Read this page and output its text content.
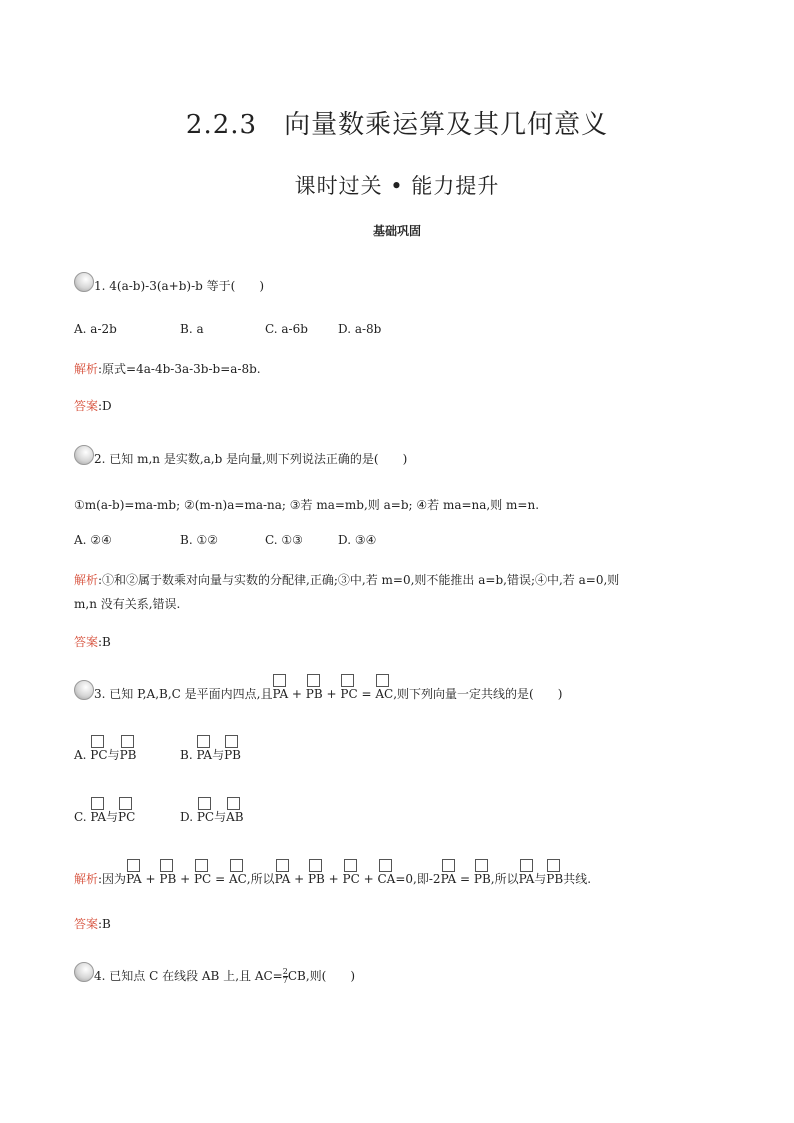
2.2.3　向量数乘运算及其几何意义
课时过关 • 能力提升
基础巩固
1. 4(a-b)-3(a+b)-b 等于(　　)
A. a-2b	B. a	C. a-6b	D. a-8b
解析:原式=4a-4b-3a-3b-b=a-8b.
答案:D
2. 已知 m,n 是实数,a,b 是向量,则下列说法正确的是(　　)
①m(a-b)=ma-mb; ②(m-n)a=ma-na; ③若 ma=mb,则 a=b; ④若 ma=na,则 m=n.
A. ②④	B. ①②	C. ①③	D. ③④
解析:①和②属于数乘对向量与实数的分配律,正确;③中,若 m=0,则不能推出 a=b,错误;④中,若 a=0,则
m,n 没有关系,错误.
答案:B
3. 已知 P,A,B,C 是平面内四点,且PA + PB + PC = AC,则下列向量一定共线的是(　　)
A. PC与PB	B. PA与PB
C. PA与PC	D. PC与AB
解析:因为PA + PB + PC = AC,所以PA + PB + PC + CA=0,即-2PA = PB,所以PA与PB共线.
答案:B
4. 已知点 C 在线段 AB 上,且 $AC= \frac{2}{7}$ CB,则(　　)
